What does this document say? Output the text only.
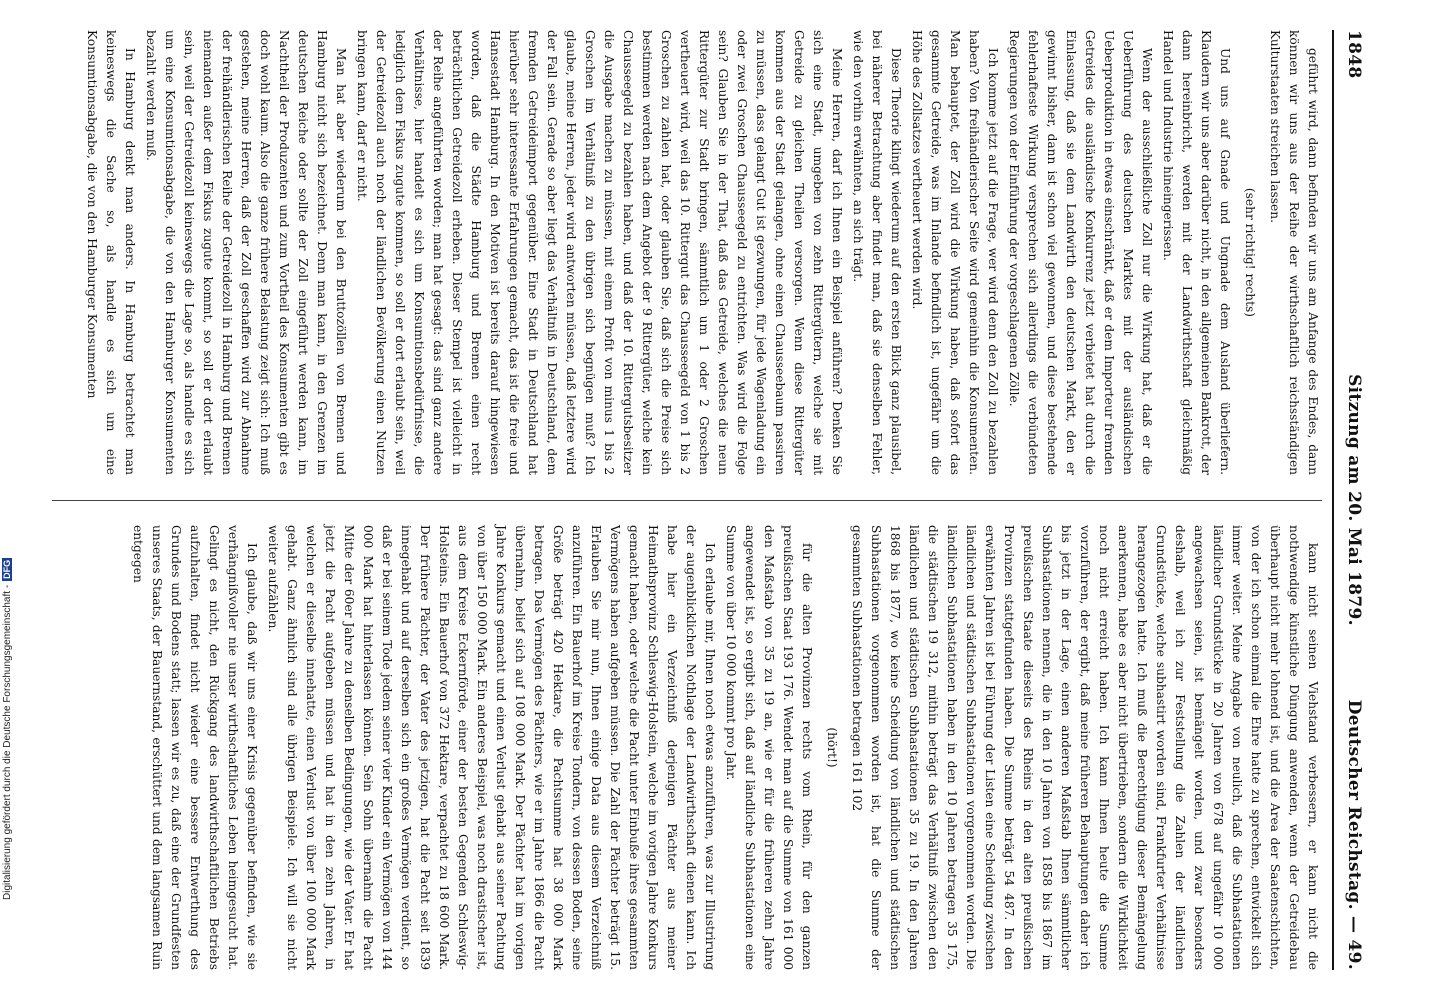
1848
Sitzung am 20. Mai 1879.
Deutscher Reichstag. — 49.

geführt wird, dann befinden wir uns am Anfange des Endes, dann können wir uns aus der Reihe der wirthschaftlich reichsständigen Kulturstaaten streichen lassen.

(sehr richtig! rechts)

Und uns auf Gnade und Ungnade dem Ausland überliefern. Klaudern wir uns aber darüber nicht, in den allgemeinen Bankrott, der dann hereinbricht, werden mit der Landwirthschaft gleichmäßig Handel und Industrie hineingerissen.

Wenn der ausschließliche Zoll nur die Wirkung hat, daß er die Ueberführung des deutschen Marktes mit der ausländischen Ueberproduktion in etwas einschränkt, daß er dem Importeur fremden Getreides die ausländische Konkurrenz jetzt verbietet hat durch die Einlassung, daß sie dem Landwirth den deutschen Markt, den er gewinnt bisher, dann ist schon viel gewonnen, und diese bestehende fehlerhafteste Wirkung versprechen sich allerdings die verbündeten Regierungen von der Einführung der vorgeschlagenen Zölle.

Ich komme jetzt auf die Frage, wer wird denn den Zoll zu bezahlen haben? Von freihändlerischer Seite wird gemeinhin die Konsumenten. Man behauptet, der Zoll wird die Wirkung haben, daß sofort das gesammte Getreide, was im Inlande befindlich ist, ungefähr um die Höhe des Zollsatzes vertheuert werden wird.

Diese Theorie klingt wiederum auf den ersten Blick ganz plausibel, bei näherer Betrachtung aber findet man, daß sie denselben Fehler, wie den vorhin erwähnten, an sich trägt.

Meine Herren, darf ich Ihnen ein Beispiel anführen? Denken Sie sich eine Stadt, umgeben von zehn Rittergütern, welche sie mit Getreide zu gleichen Theilen versorgen. Wenn diese Rittergüter kommen aus der Stadt gelangen, ohne einen Chausseebaum passiren zu müssen, dass gelangt Gut ist gezwungen, für jede Wagenladung ein oder zwei Groschen Chausseegeld zu entrichten. Was wird die Folge sein? Glauben Sie in der That, daß das Getreide, welches die neun Rittergüter zur Stadt bringen, sämmtlich um 1 oder 2 Groschen vertheuert wird, weil das 10. Rittergut das Chausseegeld von 1 bis 2 Groschen zu zahlen hat, oder glauben Sie, daß sich die Preise sich bestimmen werden nach dem Angebot der 9 Rittergüter, welche kein Chausseegeld zu bezahlen haben, und daß der 10. Rittergutsbesitzer die Ausgabe machen zu müssen, mit einem Profit von minus 1 bis 2 Groschen im Verhältniß zu den übrigen sich begnügen muß? Ich glaube, meine Herren, jeder wird antworten müssen, daß letztere wird der Fall sein. Gerade so aber liegt das Verhältniß in Deutschland, dem fremden Getreideimport gegenüber. Eine Stadt in Deutschland hat hierüber sehr interessante Erfahrungen gemacht, das ist die freie und Hansestadt Hamburg. In den Motiven ist bereits darauf hingewiesen worden, daß die Städte Hamburg und Bremen einen recht beträchtlichen Getreidezoll erheben. Dieser Stempel ist vielleicht in der Reihe angeführten worden; man hat gesagt: das sind ganz andere Verhältnisse, hier handelt es sich um Konsumtionsbedürfnisse, die lediglich dem Fiskus zugute kommen, so soll er dort erlaubt sein, weil der Getreidezoll auch noch der ländlichen Bevölkerung einen Nutzen bringen kann, darf er nicht.

Man hat aber wiederum bei den Bruttozöllen von Bremen und Hamburg nicht sich bezeichnet. Denn man kann, in den Grenzen im deutschen Reiche oder sollte der Zoll eingeführt werden kann, im Nachtheil der Produzenten und zum Vortheil des Konsumenten gibt es doch wohl kaum. Also die ganze frühere Belastung zeigt sich: Ich muß gestehen, meine Herren, daß der Zoll geschaffen wird zur Abnahme der freihändlerischen Reihe der Getreidezoll in Hamburg und Bremen niemanden außer dem Fiskus zugute kommt, so soll er dort erlaubt sein, weil der Getreidezoll keineswegs die Lage so, als handle es sich um eine Konsumtionsabgabe, die von den Hamburger Konsumenten bezahlt werden muß.

In Hamburg denkt man anders. In Hamburg betrachtet man keineswegs die Sache so, als handle es sich um eine Konsumtionsabgabe, die von den Hamburger Konsumenten

kann nicht seinen Viehstand verbessern, er kann nicht die nothwendige künstliche Düngung anwenden, wenn der Getreidebau überhaupt nicht mehr lohnend ist, und die Area der Saatenschichten, von der ich schon einmal die Ehre hatte zu sprechen, entwickelt sich immer weiter. Meine Angabe von neulich, daß die Subhastationen ländlicher Grundstücke in 20 Jahren von 678 auf ungefähr 10 000 angewachsen seien, ist bemängelt worden, und zwar besonders deshalb, weil ich zur Feststellung die Zahlen der ländlichen Grundstücke, welche subhastirt worden sind, Frankfurter Verhältnisse herangezogen hatte. Ich muß die Berechtigung dieser Bemängelung anerkennen, habe es aber nicht übertrieben, sondern die Wirklichkeit noch nicht erreicht haben. Ich kann Ihnen heute die Summe vorzuführen, der ergibt, daß meine früheren Behauptungen daher ich bis jetzt in der Lage, einen anderen Maßstab Ihnen sämmtlicher Subhastationen nennen, die in den 10 Jahren von 1858 bis 1867 im preußischen Staate dieseits des Rheins in den alten preußischen Provinzen stattgefunden haben. Die Summe beträgt 54 487. In den erwähnten Jahren ist bei Führung der Listen eine Scheidung zwischen ländlichen und städtischen Subhastationen vorgenommen worden. Die ländlichen Subhastationen haben in den 10 Jahren betragen 35 175, die städtischen 19 312, mithin beträgt das Verhältniß zwischen den ländlichen und städtischen Subhastationen 35 zu 19. In den Jahren 1868 bis 1877, wo keine Scheidung von ländlichen und städtischen Subhastationen vorgenommen worden ist, hat die Summe der gesammten Subhastationen betragen 161 102

(hört!)

für die alten Provinzen rechts vom Rhein, für den ganzen preußischen Staat 193 176. Wendet man auf die Summe von 161 000 den Maßstab von 35 zu 19 an, wie er für die früheren zehn Jahre angewendet ist, so ergibt sich, daß auf ländliche Subhastationen eine Summe von über 10 000 kommt pro Jahr.

Ich erlaube mir, Ihnen noch etwas anzuführen, was zur Illustrirung der augenblicklichen Nothlage der Landwirthschaft dienen kann. Ich habe hier ein Verzeichniß derjenigen Pächter aus meiner Heimathsprovinz Schleswig-Holstein, welche im vorigen Jahre Konkurs gemacht haben, oder welche die Pacht unter Einbuße ihres gesammten Vermögens haben aufgeben müssen. Die Zahl der Pächter beträgt 15. Erlauben Sie mir nun, Ihnen einige Data aus diesem Verzeichniß anzuführen. Ein Bauerhof im Kreise Tondern, von dessen Boden, seine Größe beträgt 420 Hektare, die Pachtsumme hat 38 000 Mark betragen. Das Vermögen des Pächters, wie er im Jahre 1866 die Pacht übernahm, belief sich auf 108 000 Mark. Der Pächter hat im vorigen Jahre Konkurs gemacht und einen Verlust gehabt aus seiner Pachtung von über 150 000 Mark. Ein anderes Beispiel, was noch drastischer ist, aus dem Kreise Eckernförde, einer der besten Gegenden Schleswig-Holsteins. Ein Bauerhof von 372 Hektare, verpachtet zu 18 600 Mark. Der frühere Pächter, der Vater des jetzigen, hat die Pacht seit 1839 innegehabt und auf derselben sich ein großes Vermögen verdient, so daß er bei seinem Tode jedem seiner vier Kinder ein Vermögen von 144 000 Mark hat hinterlassen können. Sein Sohn übernahm die Pacht Mitte der 60er Jahre zu denselben Bedingungen, wie der Vater. Er hat jetzt die Pacht aufgeben müssen und hat in den zehn Jahren, in welchen er dieselbe innehatte, einen Verlust von über 100 000 Mark gehabt. Ganz ähnlich sind alle übrigen Beispiele. Ich will sie nicht weiter aufzählen.

Ich glaube, daß wir uns einer Krisis gegenüber befinden, wie sie verhängnißvoller nie unser wirthschaftliches Leben heimgesucht hat. Gelingt es nicht, den Rückgang des landwirthschaftlichen Betriebs aufzuhalten, findet nicht wieder eine bessere Entwerthung des Grundes und Bodens statt; lassen wir es zu, daß eine der Grundfesten unseres Staats, der Bauernstand, erschüttert und dem langsamen Ruin entgegen

Digitalisierung gefördert durch die Deutsche Forschungsgemeinschaft -DFG
